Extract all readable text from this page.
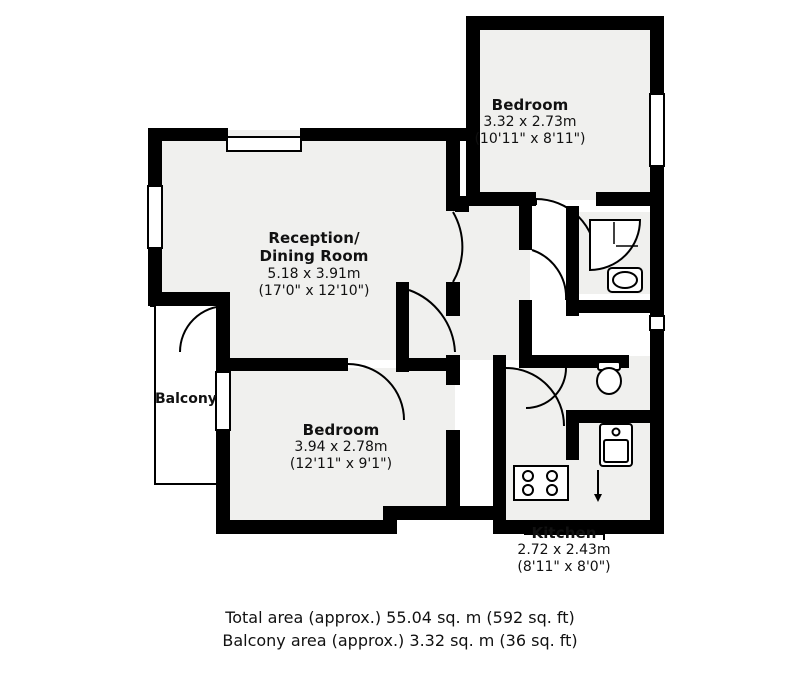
Bedroom
3.32 x 2.73m
(10'11" x 8'11")
Reception/
Dining Room
5.18 x 3.91m
(17'0" x 12'10")
Bedroom
3.94 x 2.78m
(12'11" x 9'1")
Kitchen
2.72 x 2.43m
(8'11" x 8'0")
Balcony
Total area (approx.) 55.04 sq. m (592 sq. ft)
Balcony area (approx.) 3.32 sq. m (36 sq. ft)
